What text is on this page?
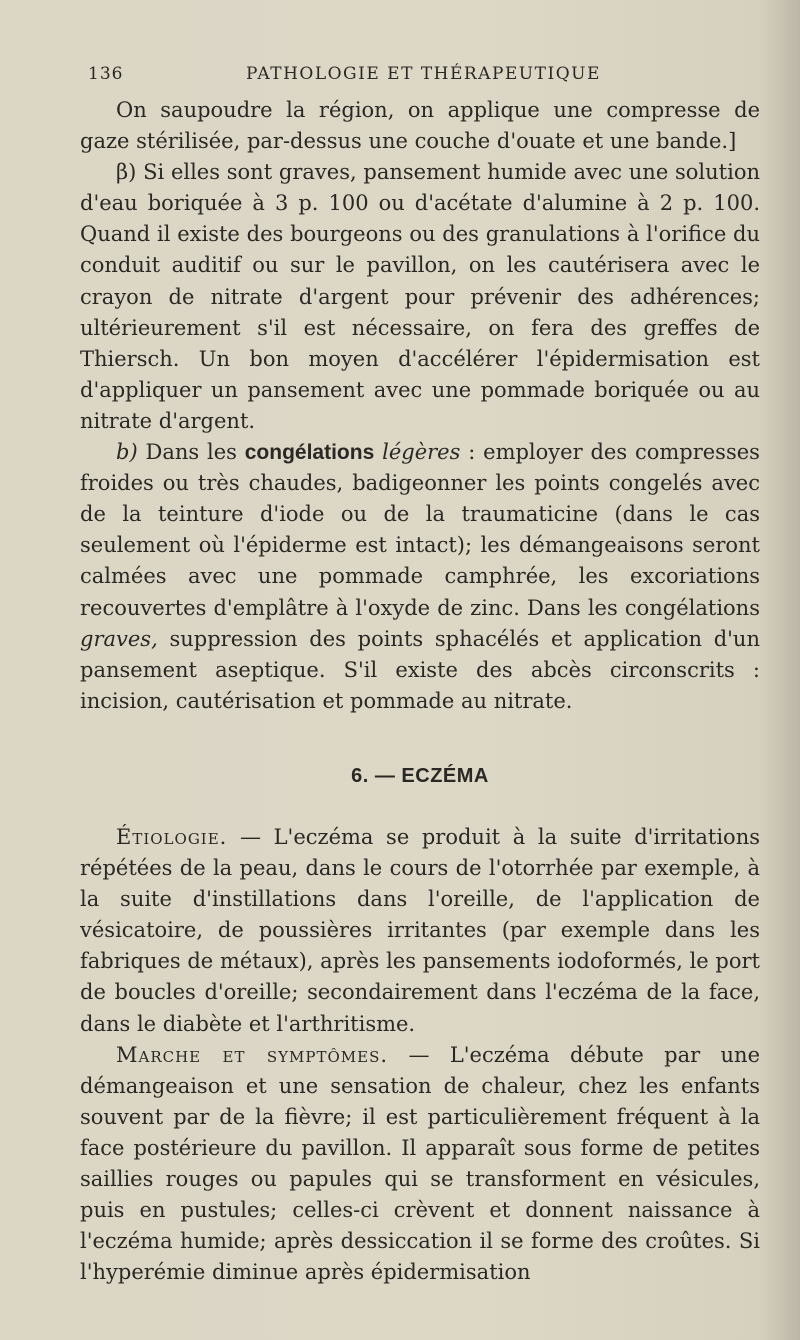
136	PATHOLOGIE ET THÉRAPEUTIQUE

On saupoudre la région, on applique une compresse de gaze stérilisée, par-dessus une couche d'ouate et une bande.]

β) Si elles sont graves, pansement humide avec une solution d'eau boriquée à 3 p. 100 ou d'acétate d'alumine à 2 p. 100. Quand il existe des bourgeons ou des granulations à l'orifice du conduit auditif ou sur le pavillon, on les cautérisera avec le crayon de nitrate d'argent pour prévenir des adhérences; ultérieurement s'il est nécessaire, on fera des greffes de Thiersch. Un bon moyen d'accélérer l'épidermisation est d'appliquer un pansement avec une pommade boriquée ou au nitrate d'argent.

b) Dans les congélations légères : employer des compresses froides ou très chaudes, badigeonner les points congelés avec de la teinture d'iode ou de la traumaticine (dans le cas seulement où l'épiderme est intact); les démangeaisons seront calmées avec une pommade camphrée, les excoriations recouvertes d'emplâtre à l'oxyde de zinc. Dans les congélations graves, suppression des points sphacélés et application d'un pansement aseptique. S'il existe des abcès circonscrits : incision, cautérisation et pommade au nitrate.

6. — ECZÉMA

Étiologie. — L'eczéma se produit à la suite d'irritations répétées de la peau, dans le cours de l'otorrhée par exemple, à la suite d'instillations dans l'oreille, de l'application de vésicatoire, de poussières irritantes (par exemple dans les fabriques de métaux), après les pansements iodoformés, le port de boucles d'oreille; secondairement dans l'eczéma de la face, dans le diabète et l'arthritisme.

Marche et symptômes. — L'eczéma débute par une démangeaison et une sensation de chaleur, chez les enfants souvent par de la fièvre; il est particulièrement fréquent à la face postérieure du pavillon. Il apparaît sous forme de petites saillies rouges ou papules qui se transforment en vésicules, puis en pustules; celles-ci crèvent et donnent naissance à l'eczéma humide; après dessiccation il se forme des croûtes. Si l'hyperémie diminue après épidermisation
